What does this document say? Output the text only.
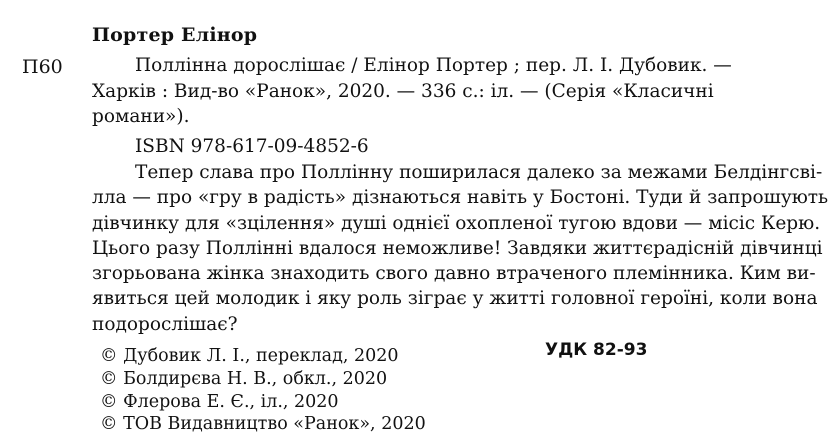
Портер Елінор
П60	Поллінна дорослішає / Елінор Портер ; пер. Л. І. Дубовик. —
Харків : Вид-во «Ранок», 2020. — 336 с.: іл. — (Серія «Класичні
романи»).
ISBN 978-617-09-4852-6
Тепер слава про Поллінну поширилася далеко за межами Белдінгсві-
лла — про «гру в радість» дізнаються навіть у Бостоні. Туди й запрошують
дівчинку для «зцілення» душі однієї охопленої тугою вдови — місіс Керю.
Цього разу Поллінні вдалося неможливе! Завдяки життєрадісній дівчинці
згорьована жінка знаходить свого давно втраченого племінника. Ким ви-
явиться цей молодик і яку роль зіграє у житті головної героїні, коли вона
подорослішає?
УДК 82-93
© Дубовик Л. І., переклад, 2020
© Болдирєва Н. В., обкл., 2020
© Флерова Е. Є., іл., 2020
© ТОВ Видавництво «Ранок», 2020
